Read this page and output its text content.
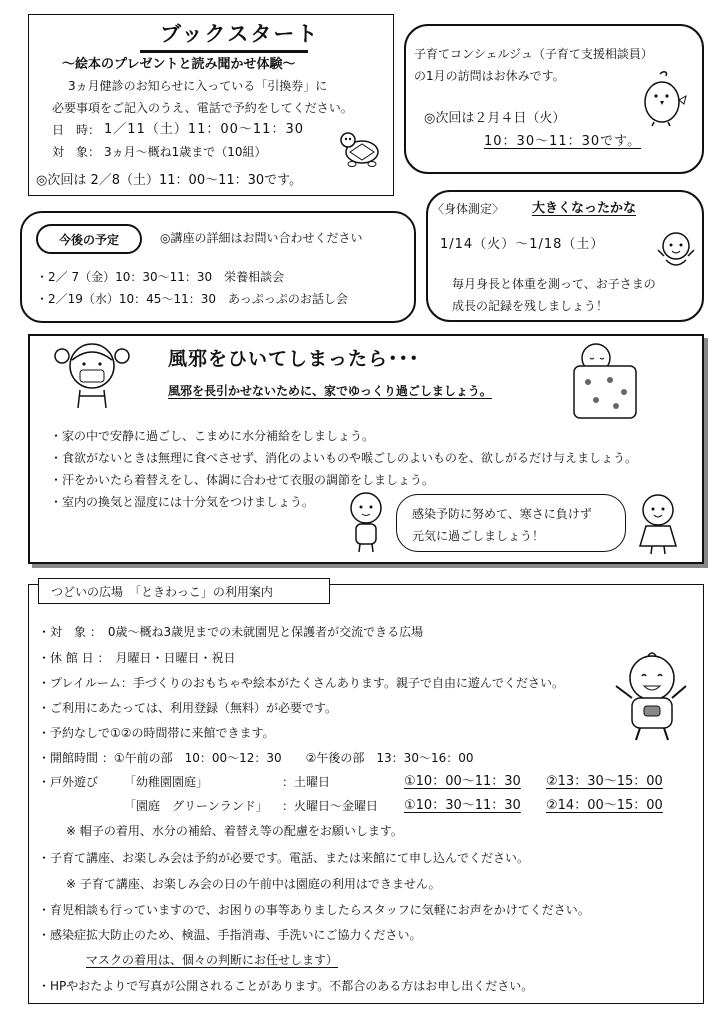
ブックスタート
～絵本のプレゼントと読み聞かせ体験～
3ヵ月健診のお知らせに入っている「引換券」に
必要事項をご記入のうえ、電話で予約をしてください。
日　時： 1／11（土）11：00～11：30
対　象： 3ヵ月～概ね1歳まで（10組）
◎次回は 2／8（土）11：00～11：30です。
子育てコンシェルジュ（子育て支援相談員）
の1月の訪問はお休みです。
◎次回は２月４日（火）
10：30～11：30です。
今後の予定	◎講座の詳細はお問い合わせください
・2／ 7（金）10：30～11：30　栄養相談会
・2／19（水）10：45～11：30　あっぷっぷのお話し会
〈身体測定〉 大きくなったかな
1/14（火）～1/18（土）
毎月身長と体重を測って、お子さまの
成長の記録を残しましょう！
風邪をひいてしまったら･･･
風邪を長引かせないために、家でゆっくり過ごしましょう。
・家の中で安静に過ごし、こまめに水分補給をしましょう。
・食欲がないときは無理に食べさせず、消化のよいものや喉ごしのよいものを、欲しがるだけ与えましょう。
・汗をかいたら着替えをし、体調に合わせて衣服の調節をしましょう。
・室内の換気と湿度には十分気をつけましょう。
感染予防に努めて、寒さに負けず
元気に過ごしましょう！
つどいの広場　「ときわっこ」の利用案内
・対　象 ：　0歳～概ね3歳児までの未就園児と保護者が交流できる広場
・休 館 日 ：　月曜日・日曜日・祝日
・プレイルーム：手づくりのおもちゃや絵本がたくさんあります。親子で自由に遊んでください。
・ご利用にあたっては、利用登録（無料）が必要です。
・予約なしで①②の時間帯に来館できます。
・開館時間 ：①午前の部　10：00～12：30　　②午後の部　13：30～16：00
・戸外遊び 「幼稚園園庭」	：土曜日	①10：00～11：30 ②13：30～15：00
「園庭　グリーンランド」 ：火曜日～金曜日 ①10：30～11：30 ②14：00～15：00
※ 帽子の着用、水分の補給、着替え等の配慮をお願いします。
・子育て講座、お楽しみ会は予約が必要です。電話、または来館にて申し込んでください。
※ 子育て講座、お楽しみ会の日の午前中は園庭の利用はできません。
・育児相談も行っていますので、お困りの事等ありましたらスタッフに気軽にお声をかけてください。
・感染症拡大防止のため、検温、手指消毒、手洗いにご協力ください。
マスクの着用は、個々の判断にお任せします）
・HPやおたよりで写真が公開されることがあります。不都合のある方はお申し出ください。
